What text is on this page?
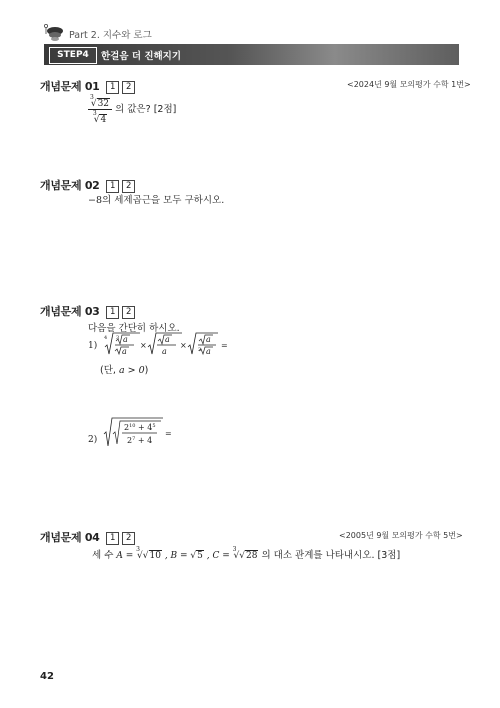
Part 2. 지수와 로그
STEP4	한걸음 더 진해지기
개념문제 01 1 2	<2024년 9월 모의평가 수학 1번>
$\frac{^3√32}{^3√4}$ 의 값은? [2점]
개념문제 02 1 2
−8의 세제곱근을 모두 구하시오.
개념문제 03 1 2
다음을 간단히 하시오.
1)
4 3 a
a
×
a
a
×
a
3 a
=
(단, a > 0)
2)
$2^{10} + 4^5$
$2^7 + 4$
=
개념문제 04 1 2	<2005년 9월 모의평가 수학 5번>
세 수 A = $^3$√√10 , B = √5 , C = $^3$√√28 의 대소 관계를 나타내시오. [3점]
42
